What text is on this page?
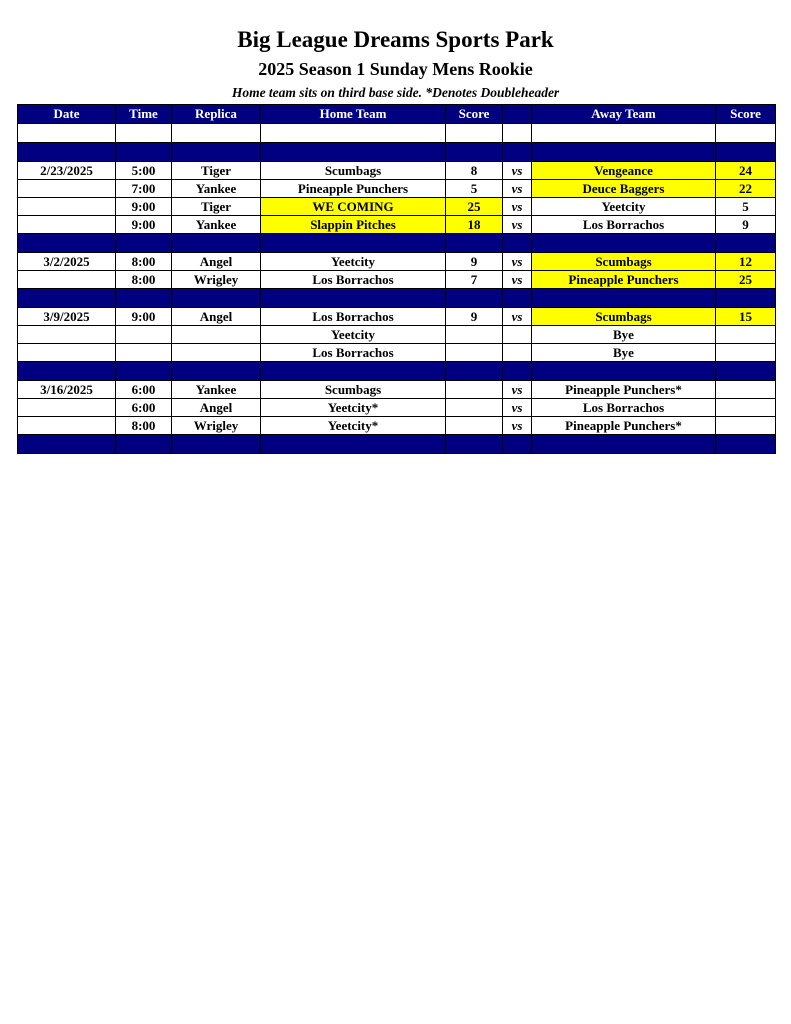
Big League Dreams Sports Park
2025 Season 1 Sunday Mens Rookie
Home team sits on third base side. *Denotes Doubleheader
Date	Time	Replica	Home Team	Score		Away Team	Score

2/23/2025	5:00	Tiger	Scumbags	8	vs	Vengeance	24
	7:00	Yankee	Pineapple Punchers	5	vs	Deuce Baggers	22
	9:00	Tiger	WE COMING	25	vs	Yeetcity	5
	9:00	Yankee	Slappin Pitches	18	vs	Los Borrachos	9

3/2/2025	8:00	Angel	Yeetcity	9	vs	Scumbags	12
	8:00	Wrigley	Los Borrachos	7	vs	Pineapple Punchers	25

3/9/2025	9:00	Angel	Los Borrachos	9	vs	Scumbags	15
			Yeetcity			Bye	
			Los Borrachos			Bye	

3/16/2025	6:00	Yankee	Scumbags		vs	Pineapple Punchers*	
	6:00	Angel	Yeetcity*		vs	Los Borrachos	
	8:00	Wrigley	Yeetcity*		vs	Pineapple Punchers*	
